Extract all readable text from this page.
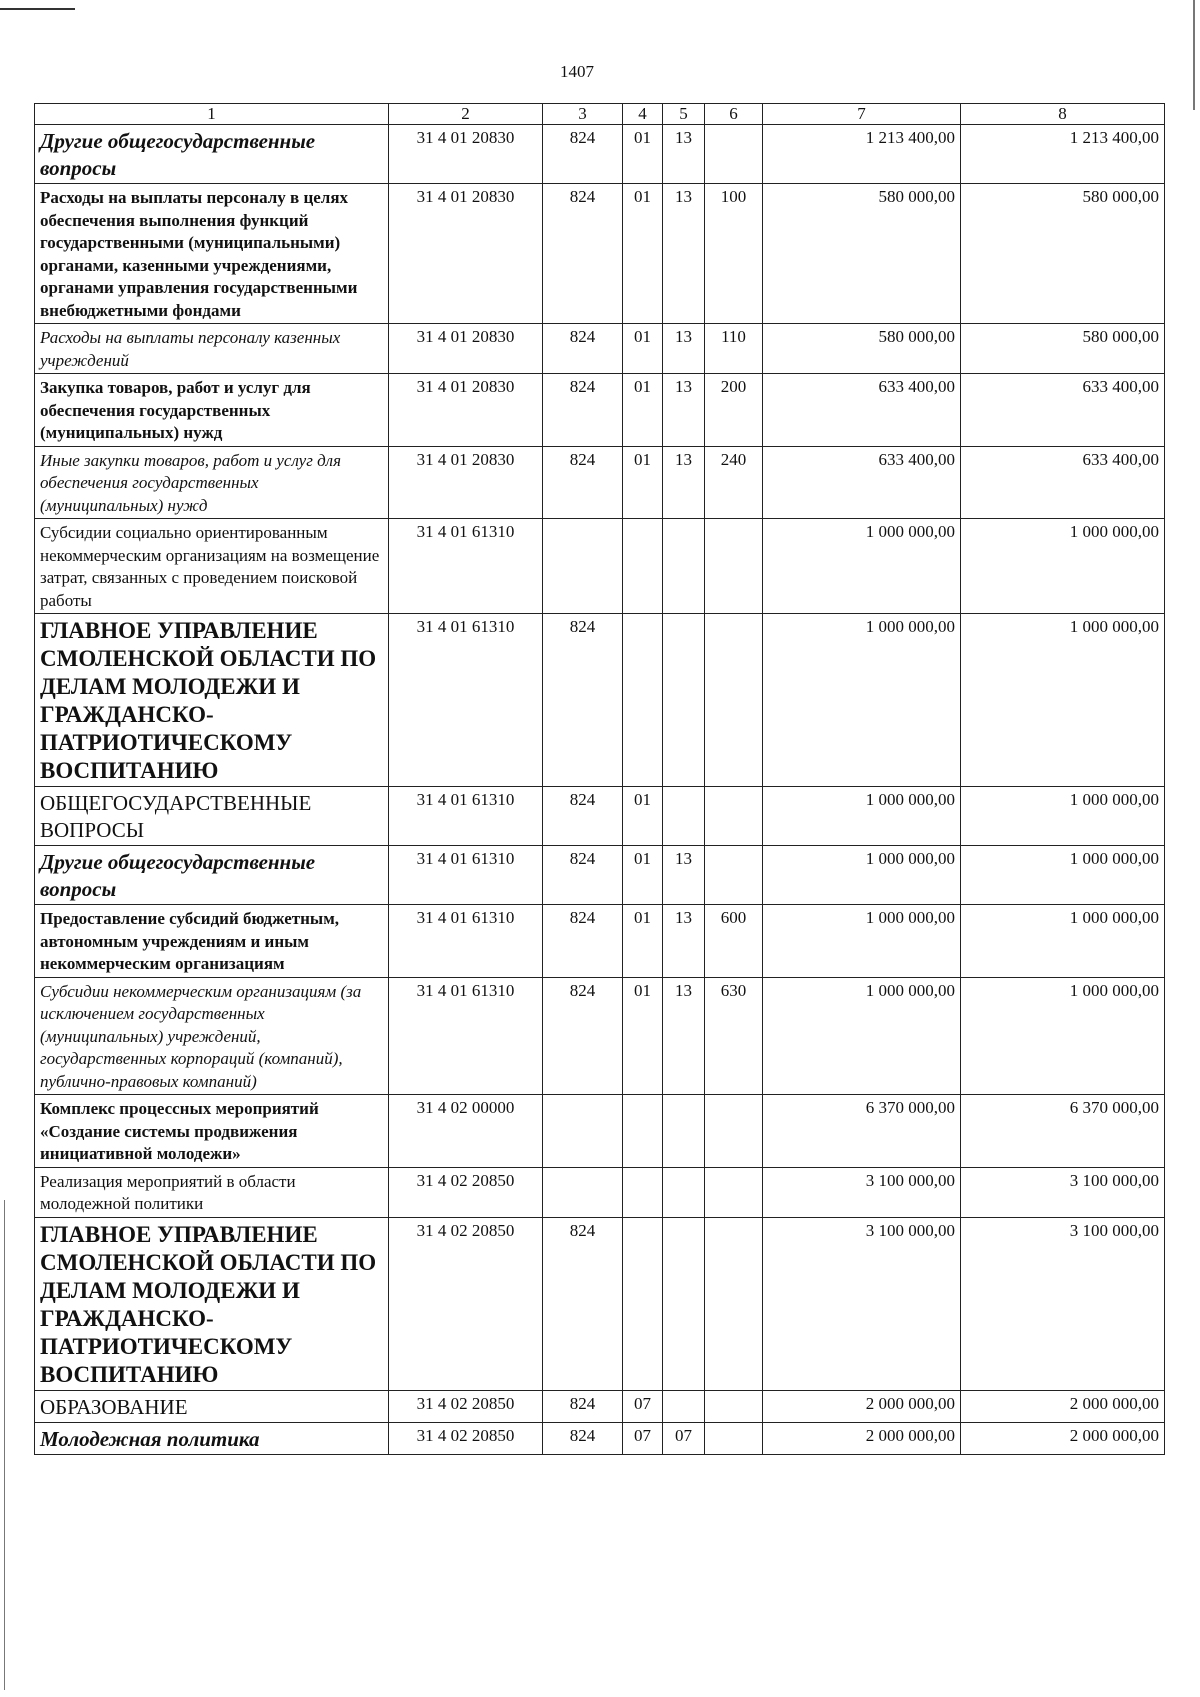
1407
1	2	3	4	5	6	7	8
Другие общегосударственные вопросы	31 4 01 20830	824	01	13		1 213 400,00	1 213 400,00
Расходы на выплаты персоналу в целях обеспечения выполнения функций государственными (муниципальными) органами, казенными учреждениями, органами управления государственными внебюджетными фондами	31 4 01 20830	824	01	13	100	580 000,00	580 000,00
Расходы на выплаты персоналу казенных учреждений	31 4 01 20830	824	01	13	110	580 000,00	580 000,00
Закупка товаров, работ и услуг для обеспечения государственных (муниципальных) нужд	31 4 01 20830	824	01	13	200	633 400,00	633 400,00
Иные закупки товаров, работ и услуг для обеспечения государственных (муниципальных) нужд	31 4 01 20830	824	01	13	240	633 400,00	633 400,00
Субсидии социально ориентированным некоммерческим организациям на возмещение затрат, связанных с проведением поисковой работы	31 4 01 61310					1 000 000,00	1 000 000,00
ГЛАВНОЕ УПРАВЛЕНИЕ СМОЛЕНСКОЙ ОБЛАСТИ ПО ДЕЛАМ МОЛОДЕЖИ И ГРАЖДАНСКО-ПАТРИОТИЧЕСКОМУ ВОСПИТАНИЮ	31 4 01 61310	824				1 000 000,00	1 000 000,00
ОБЩЕГОСУДАРСТВЕННЫЕ ВОПРОСЫ	31 4 01 61310	824	01			1 000 000,00	1 000 000,00
Другие общегосударственные вопросы	31 4 01 61310	824	01	13		1 000 000,00	1 000 000,00
Предоставление субсидий бюджетным, автономным учреждениям и иным некоммерческим организациям	31 4 01 61310	824	01	13	600	1 000 000,00	1 000 000,00
Субсидии некоммерческим организациям (за исключением государственных (муниципальных) учреждений, государственных корпораций (компаний), публично-правовых компаний)	31 4 01 61310	824	01	13	630	1 000 000,00	1 000 000,00
Комплекс процессных мероприятий «Создание системы продвижения инициативной молодежи»	31 4 02 00000					6 370 000,00	6 370 000,00
Реализация мероприятий в области молодежной политики	31 4 02 20850					3 100 000,00	3 100 000,00
ГЛАВНОЕ УПРАВЛЕНИЕ СМОЛЕНСКОЙ ОБЛАСТИ ПО ДЕЛАМ МОЛОДЕЖИ И ГРАЖДАНСКО-ПАТРИОТИЧЕСКОМУ ВОСПИТАНИЮ	31 4 02 20850	824				3 100 000,00	3 100 000,00
ОБРАЗОВАНИЕ	31 4 02 20850	824	07			2 000 000,00	2 000 000,00
Молодежная политика	31 4 02 20850	824	07	07		2 000 000,00	2 000 000,00
